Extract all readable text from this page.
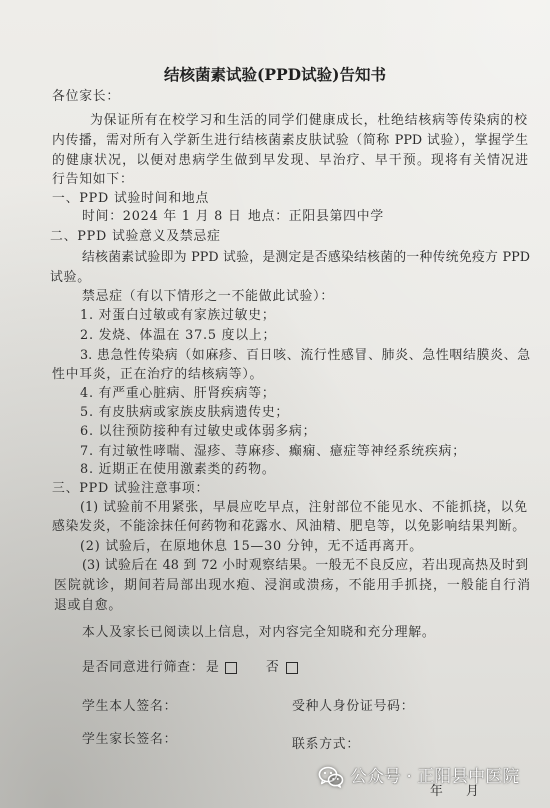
结核菌素试验(PPD试验)告知书
各位家长：
为保证所有在校学习和生活的同学们健康成长，杜绝结核病等传染病的校
内传播，需对所有入学新生进行结核菌素皮肤试验（简称 PPD 试验），掌握学生
的健康状况，以便对患病学生做到早发现、早治疗、早干预。现将有关情况进
行告知如下：
一、PPD 试验时间和地点
时间：2024 年 1 月 8 日 地点：正阳县第四中学
二、PPD 试验意义及禁忌症
结核菌素试验即为 PPD 试验，是测定是否感染结核菌的一种传统免疫方 PPD
试验。
禁忌症（有以下情形之一不能做此试验）：
1. 对蛋白过敏或有家族过敏史；
2. 发烧、体温在 37.5 度以上；
3. 患急性传染病（如麻疹、百日咳、流行性感冒、肺炎、急性咽结膜炎、急
性中耳炎，正在治疗的结核病等）。
4. 有严重心脏病、肝肾疾病等；
5. 有皮肤病或家族皮肤病遗传史；
6. 以往预防接种有过敏史或体弱多病；
7. 有过敏性哮喘、湿疹、荨麻疹、癫痫、癔症等神经系统疾病；
8. 近期正在使用激素类的药物。
三、PPD 试验注意事项：
(1) 试验前不用紧张，早晨应吃早点，注射部位不能见水、不能抓挠，以免
感染发炎，不能涂抹任何药物和花露水、风油精、肥皂等，以免影响结果判断。
(2) 试验后，在原地休息 15—30 分钟，无不适再离开。
(3) 试验后在 48 到 72 小时观察结果。一般无不良反应，若出现高热及时到
医院就诊，期间若局部出现水疱、浸润或溃疡，不能用手抓挠，一般能自行消
退或自愈。
本人及家长已阅读以上信息，对内容完全知晓和充分理解。
是否同意进行筛查： 是	否
学生本人签名：	受种人身份证号码：
学生家长签名：	联系方式：
年 月
公众号 · 正阳县中医院
